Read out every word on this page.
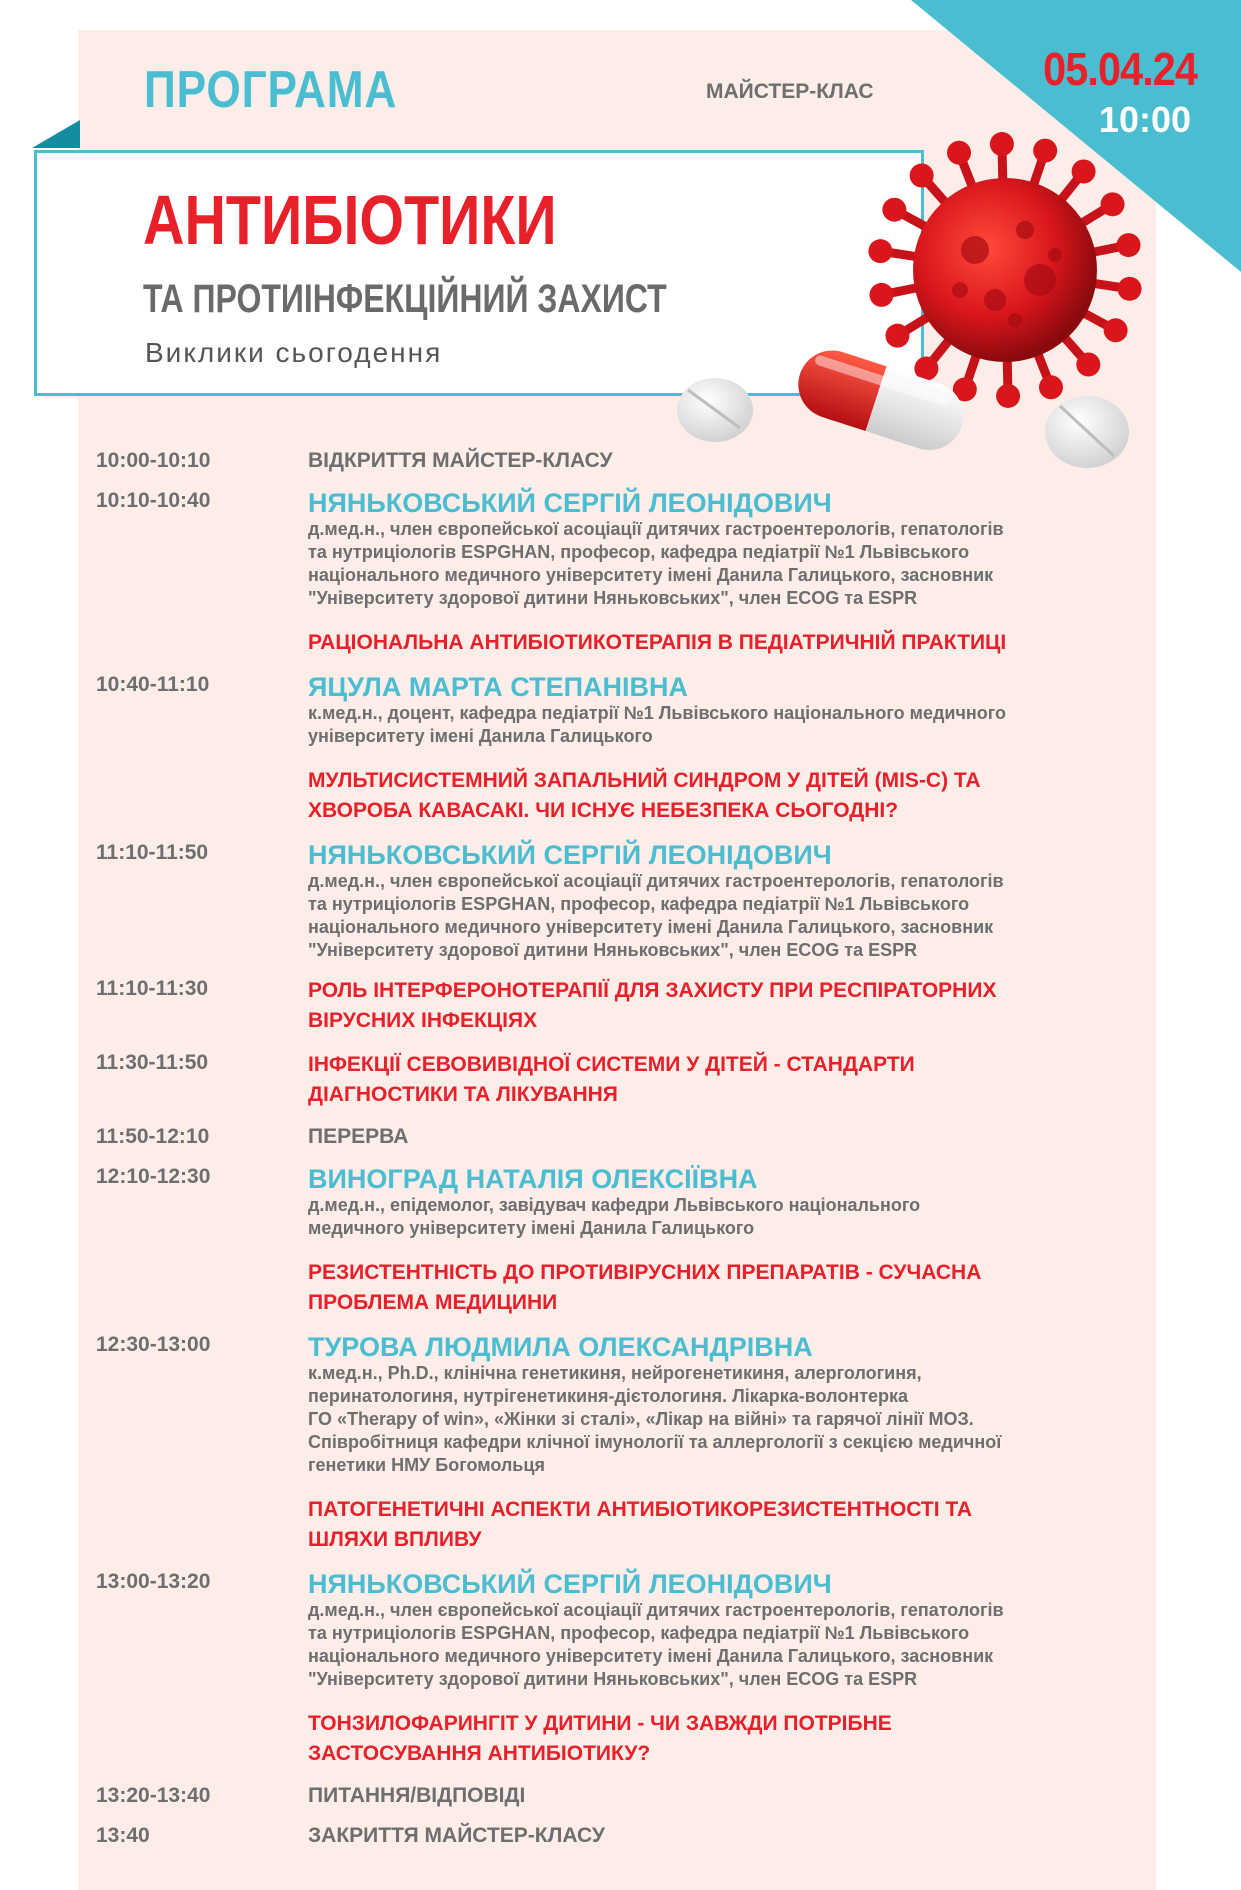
05.04.24
10:00
ПРОГРАМА	МАЙСТЕР-КЛАС
АНТИБІОТИКИ
ТА ПРОТИІНФЕКЦІЙНИЙ ЗАХИСТ
Виклики сьогодення
10:00-10:10	ВІДКРИТТЯ МАЙСТЕР-КЛАСУ
10:10-10:40	НЯНЬКОВСЬКИЙ СЕРГІЙ ЛЕОНІДОВИЧ
д.мед.н., член європейської асоціації дитячих гастроентерологів, гепатологів
та нутриціологів ESPGHAN, професор, кафедра педіатрії №1 Львівського
національного медичного університету імені Данила Галицького, засновник
"Університету здорової дитини Няньковських", член ECOG та ESPR
РАЦІОНАЛЬНА АНТИБІОТИКОТЕРАПІЯ В ПЕДІАТРИЧНІЙ ПРАКТИЦІ
10:40-11:10	ЯЦУЛА МАРТА СТЕПАНІВНА
к.мед.н., доцент, кафедра педіатрії №1 Львівського національного медичного
університету імені Данила Галицького
МУЛЬТИСИСТЕМНИЙ ЗАПАЛЬНИЙ СИНДРОМ У ДІТЕЙ (MIS-C) ТА
ХВОРОБА КАВАСАКІ. ЧИ ІСНУЄ НЕБЕЗПЕКА СЬОГОДНІ?
11:10-11:50	НЯНЬКОВСЬКИЙ СЕРГІЙ ЛЕОНІДОВИЧ
д.мед.н., член європейської асоціації дитячих гастроентерологів, гепатологів
та нутриціологів ESPGHAN, професор, кафедра педіатрії №1 Львівського
національного медичного університету імені Данила Галицького, засновник
"Університету здорової дитини Няньковських", член ECOG та ESPR
11:10-11:30	РОЛЬ ІНТЕРФЕРОНОТЕРАПІЇ ДЛЯ ЗАХИСТУ ПРИ РЕСПІРАТОРНИХ
ВІРУСНИХ ІНФЕКЦІЯХ
11:30-11:50	ІНФЕКЦІЇ СЕВОВИВІДНОЇ СИСТЕМИ У ДІТЕЙ - СТАНДАРТИ
ДІАГНОСТИКИ ТА ЛІКУВАННЯ
11:50-12:10	ПЕРЕРВА
12:10-12:30	ВИНОГРАД НАТАЛІЯ ОЛЕКСІЇВНА
д.мед.н., епідемолог, завідувач кафедри Львівського національного
медичного університету імені Данила Галицького
РЕЗИСТЕНТНІСТЬ ДО ПРОТИВІРУСНИХ ПРЕПАРАТІВ - СУЧАСНА
ПРОБЛЕМА МЕДИЦИНИ
12:30-13:00	ТУРОВА ЛЮДМИЛА ОЛЕКСАНДРІВНА
к.мед.н., Ph.D., клінічна генетикиня, нейрогенетикиня, алергологиня,
перинатологиня, нутрігенетикиня-дієтологиня. Лікарка-волонтерка
ГО «Therapy of win», «Жінки зі сталі», «Лікар на війні» та гарячої лінії МОЗ.
Співробітниця кафедри клічної імунології та аллергології з секцією медичної
генетики НМУ Богомольця
ПАТОГЕНЕТИЧНІ АСПЕКТИ АНТИБІОТИКОРЕЗИСТЕНТНОСТІ ТА
ШЛЯХИ ВПЛИВУ
13:00-13:20	НЯНЬКОВСЬКИЙ СЕРГІЙ ЛЕОНІДОВИЧ
д.мед.н., член європейської асоціації дитячих гастроентерологів, гепатологів
та нутриціологів ESPGHAN, професор, кафедра педіатрії №1 Львівського
національного медичного університету імені Данила Галицького, засновник
"Університету здорової дитини Няньковських", член ECOG та ESPR
ТОНЗИЛОФАРИНГІТ У ДИТИНИ - ЧИ ЗАВЖДИ ПОТРІБНЕ
ЗАСТОСУВАННЯ АНТИБІОТИКУ?
13:20-13:40	ПИТАННЯ/ВІДПОВІДІ
13:40	ЗАКРИТТЯ МАЙСТЕР-КЛАСУ
